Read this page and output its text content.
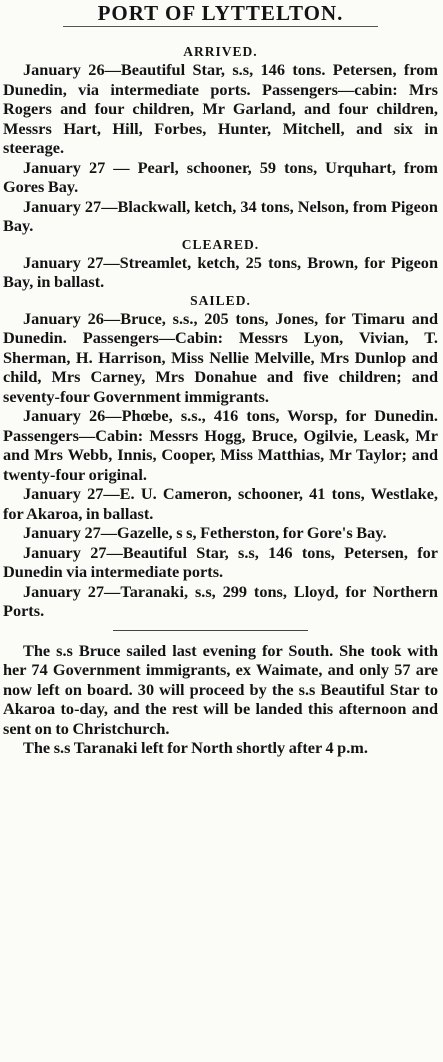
PORT OF LYTTELTON.
ARRIVED.

January 26—Beautiful Star, s.s, 146 tons. Petersen, from Dunedin, via intermediate ports. Passengers—cabin: Mrs Rogers and four children, Mr Garland, and four children, Messrs Hart, Hill, Forbes, Hunter, Mitchell, and six in steerage.

January 27 — Pearl, schooner, 59 tons, Urquhart, from Gores Bay.

January 27—Blackwall, ketch, 34 tons, Nelson, from Pigeon Bay.

CLEARED.

January 27—Streamlet, ketch, 25 tons, Brown, for Pigeon Bay, in ballast.

SAILED.

January 26—Bruce, s.s., 205 tons, Jones, for Timaru and Dunedin. Passengers—Cabin: Messrs Lyon, Vivian, T. Sherman, H. Harrison, Miss Nellie Melville, Mrs Dunlop and child, Mrs Carney, Mrs Donahue and five children; and seventy-four Government immigrants.

January 26—Phœbe, s.s., 416 tons, Worsp, for Dunedin. Passengers—Cabin: Messrs Hogg, Bruce, Ogilvie, Leask, Mr and Mrs Webb, Innis, Cooper, Miss Matthias, Mr Taylor; and twenty-four original.

January 27—E. U. Cameron, schooner, 41 tons, Westlake, for Akaroa, in ballast.

January 27—Gazelle, s s, Fetherston, for Gore's Bay.

January 27—Beautiful Star, s.s, 146 tons, Petersen, for Dunedin via intermediate ports.

January 27—Taranaki, s.s, 299 tons, Lloyd, for Northern Ports.

The s.s Bruce sailed last evening for South. She took with her 74 Government immigrants, ex Waimate, and only 57 are now left on board. 30 will proceed by the s.s Beautiful Star to Akaroa to-day, and the rest will be landed this afternoon and sent on to Christchurch.

The s.s Taranaki left for North shortly after 4 p.m.
